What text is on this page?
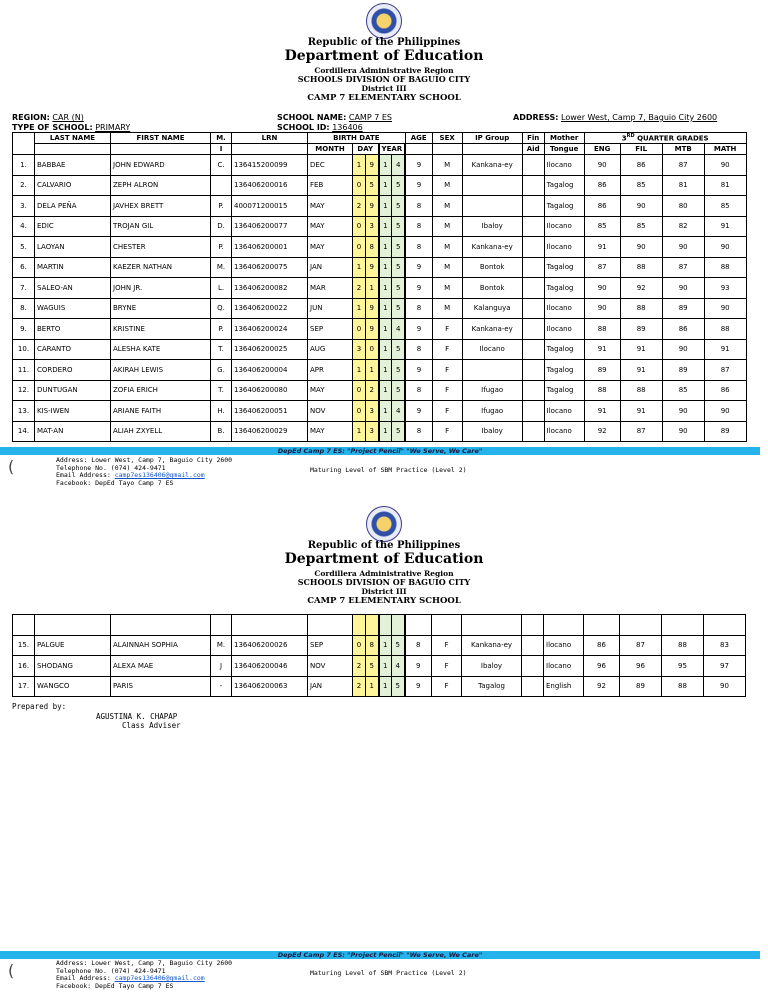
Republic of the Philippines
Department of Education
Cordillera Administrative Region
SCHOOLS DIVISION OF BAGUIO CITY
District III
CAMP 7 ELEMENTARY SCHOOL
REGION: CAR (N)	SCHOOL NAME: CAMP 7 ES	ADDRESS: Lower West, Camp 7, Baguio City 2600
TYPE OF SCHOOL: PRIMARY	SCHOOL ID: 136406
	LAST NAME	FIRST NAME	M.	LRN	BIRTH DATE					AGE	SEX	IP Group	Fin	Mother	3RD QUARTER GRADES			
			I		MONTH	DAY		YEAR					Aid	Tongue	ENG	FIL	MTB	MATH
1.	BABBAE	JOHN EDWARD	C.	136415200099	DEC	1	9	1	4	9	M	Kankana-ey		Ilocano	90	86	87	90
2.	CALVARIO	ZEPH ALRON		136406200016	FEB	0	5	1	5	9	M			Tagalog	86	85	81	81
3.	DELA PEÑA	JAVHEX BRETT	P.	400071200015	MAY	2	9	1	5	8	M			Tagalog	86	90	80	85
4.	EDIC	TROJAN GIL	D.	136406200077	MAY	0	3	1	5	8	M	Ibaloy		Ilocano	85	85	82	91
5.	LAOYAN	CHESTER	P.	136406200001	MAY	0	8	1	5	8	M	Kankana-ey		Ilocano	91	90	90	90
6.	MARTIN	KAEZER NATHAN	M.	136406200075	JAN	1	9	1	5	9	M	Bontok		Tagalog	87	88	87	88
7.	SALEO-AN	JOHN JR.	L.	136406200082	MAR	2	1	1	5	9	M	Bontok		Tagalog	90	92	90	93
8.	WAGUIS	BRYNE	Q.	136406200022	JUN	1	9	1	5	8	M	Kalanguya		Ilocano	90	88	89	90
9.	BERTO	KRISTINE	P.	136406200024	SEP	0	9	1	4	9	F	Kankana-ey		Ilocano	88	89	86	88
10.	CARANTO	ALESHA KATE	T.	136406200025	AUG	3	0	1	5	8	F	Ilocano		Tagalog	91	91	90	91
11.	CORDERO	AKIRAH LEWIS	G.	136406200004	APR	1	1	1	5	9	F			Tagalog	89	91	89	87
12.	DUNTUGAN	ZOFIA ERICH	T.	136406200080	MAY	0	2	1	5	8	F	Ifugao		Tagalog	88	88	85	86
13.	KIS-IWEN	ARIANE FAITH	H.	136406200051	NOV	0	3	1	4	9	F	Ifugao		Ilocano	91	91	90	90
14.	MAT-AN	ALIAH ZXYELL	B.	136406200029	MAY	1	3	1	5	8	F	Ibaloy		Ilocano	92	87	90	89
DepEd Camp 7 ES: "Project Pencil" "We Serve, We Care"
(	Address: Lower West, Camp 7, Baguio City 2600
Telephone No. (074) 424-9471
Email Address: camp7es136406@gmail.com
Facebook: DepEd Tayo Camp 7 ES
Maturing Level of SBM Practice (Level 2)
Republic of the Philippines
Department of Education
Cordillera Administrative Region
SCHOOLS DIVISION OF BAGUIO CITY
District III
CAMP 7 ELEMENTARY SCHOOL

15.	PALGUE	ALAINNAH SOPHIA	M.	136406200026	SEP	0	8	1	5	8	F	Kankana-ey		Ilocano	86	87	88	83
16.	SHODANG	ALEXA MAE	J	136406200046	NOV	2	5	1	4	9	F	Ibaloy		Ilocano	96	96	95	97
17.	WANGCO	PARIS	-	136406200063	JAN	2	1	1	5	9	F	Tagalog		English	92	89	88	90
Prepared by:
AGUSTINA K. CHAPAP
Class Adviser
DepEd Camp 7 ES: "Project Pencil" "We Serve, We Care"
(	Address: Lower West, Camp 7, Baguio City 2600
Telephone No. (074) 424-9471
Email Address: camp7es136406@gmail.com
Facebook: DepEd Tayo Camp 7 ES
Maturing Level of SBM Practice (Level 2)
